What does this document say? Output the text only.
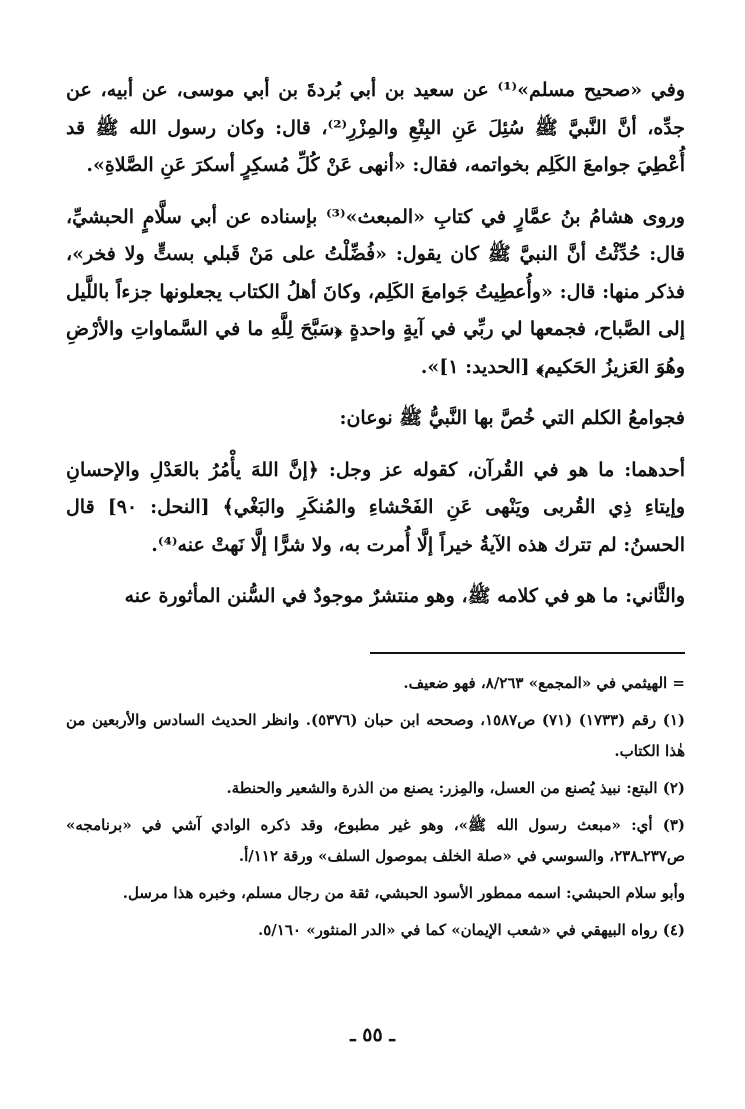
وفي «صحيح مسلم»⁽¹⁾ عن سعيد بن أبي بُردةَ بن أبي موسى، عن أبيه، عن جدِّه، أنَّ النَّبيَّ ﷺ سُئِلَ عَنِ البِتْعِ والمِزْرِ⁽²⁾، قال: وكان رسول الله ﷺ قد أُعْطِيَ جوامعَ الكَلِم بخواتمه، فقال: «أنهى عَنْ كُلِّ مُسكِرٍ أسكرَ عَنِ الصَّلاةِ».

وروى هشامُ بنُ عمَّارٍ في كتابِ «المبعث»⁽³⁾ بإسناده عن أبي سلَّامٍ الحبشيِّ، قال: حُدِّثْتُ أنَّ النبيَّ ﷺ كان يقول: «فُضِّلْتُ على مَنْ قَبلي بستٍّ ولا فخر»، فذكر منها: قال: «وأُعطِيتُ جَوامعَ الكَلِم، وكانَ أهلُ الكتاب يجعلونها جزءاً باللَّيل إلى الصَّباح، فجمعها لي ربِّي في آيةٍ واحدةٍ ﴿سَبَّحَ لِلَّهِ ما في السَّماواتِ والأرْضِ وهُوَ العَزيزُ الحَكيم﴾ [الحديد: ١]».

فجوامعُ الكلم التي خُصَّ بها النَّبيُّ ﷺ نوعان:

أحدهما: ما هو في القُرآن، كقوله عز وجل: ﴿إنَّ اللهَ يأْمُرُ بالعَدْلِ والإحسانِ وإيتاءِ ذِي القُربى ويَنْهى عَنِ الفَحْشاءِ والمُنكَرِ والبَغْي﴾ [النحل: ٩٠] قال الحسنُ: لم تترك هذه الآيةُ خيراً إلَّا أُمرت به، ولا شرًّا إلَّا نَهتْ عنه⁽⁴⁾.

والثَّاني: ما هو في كلامه ﷺ، وهو منتشرٌ موجودٌ في السُّنن المأثورة عنه

= الهيثمي في «المجمع» ٨/٢٦٣، فهو ضعيف.

(١) رقم (١٧٣٣) (٧١) ص١٥٨٧، وصححه ابن حبان (٥٣٧٦). وانظر الحديث السادس والأربعين من هٰذا الكتاب.

(٢) البتع: نبيذ يُصنع من العسل، والمِزر: يصنع من الذرة والشعير والحنطة.

(٣) أي: «مبعث رسول الله ﷺ»، وهو غير مطبوع، وقد ذكره الوادي آشي في «برنامجه» ص٢٣٧ـ٢٣٨، والسوسي في «صلة الخلف بموصول السلف» ورقة ١١٢/أ.

وأبو سلام الحبشي: اسمه ممطور الأسود الحبشي، ثقة من رجال مسلم، وخبره هذا مرسل.

(٤) رواه البيهقي في «شعب الإيمان» كما في «الدر المنثور» ٥/١٦٠.

ـ ٥٥ ـ
